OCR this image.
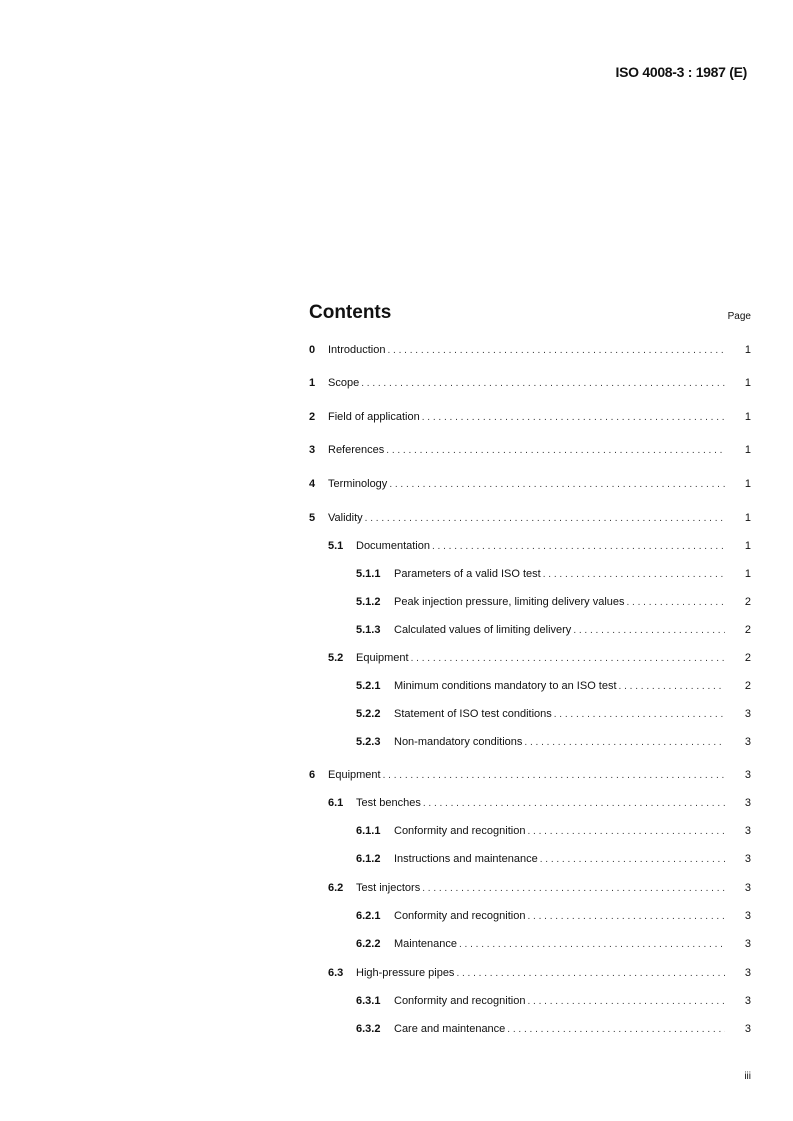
ISO 4008-3 : 1987 (E)
Contents	Page
0	Introduction . . .	1
1	Scope . . .	1
2	Field of application . . .	1
3	References . . .	1
4	Terminology . . .	1
5	Validity . . .	1
5.1	Documentation . . .	1
5.1.1	Parameters of a valid ISO test . . .	1
5.1.2	Peak injection pressure, limiting delivery values . . .	2
5.1.3	Calculated values of limiting delivery . . .	2
5.2	Equipment . . .	2
5.2.1	Minimum conditions mandatory to an ISO test . . .	2
5.2.2	Statement of ISO test conditions . . .	3
5.2.3	Non-mandatory conditions . . .	3
6	Equipment . . .	3
6.1	Test benches . . .	3
6.1.1	Conformity and recognition . . .	3
6.1.2	Instructions and maintenance . . .	3
6.2	Test injectors . . .	3
6.2.1	Conformity and recognition . . .	3
6.2.2	Maintenance . . .	3
6.3	High-pressure pipes . . .	3
6.3.1	Conformity and recognition . . .	3
6.3.2	Care and maintenance . . .	3
iii
